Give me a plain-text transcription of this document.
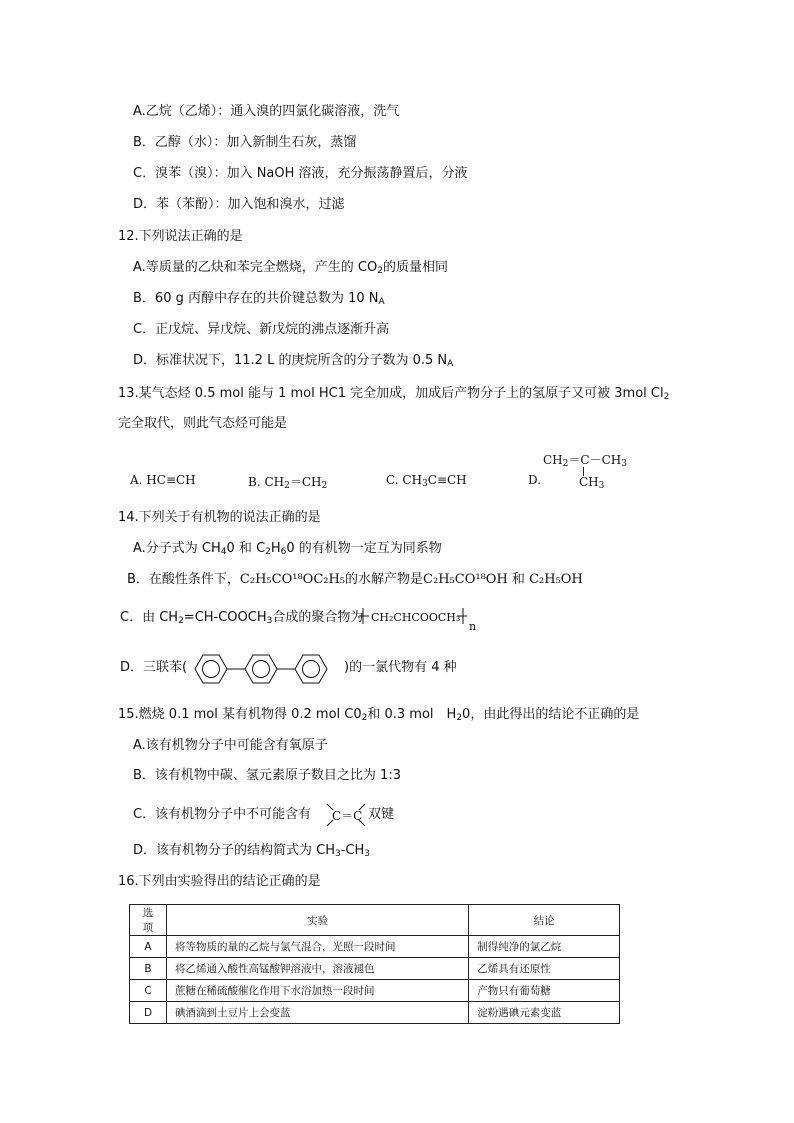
A.乙烷（乙烯）：通入溴的四氯化碳溶液，洗气
B．乙醇（水）：加入新制生石灰，蒸馏
C．溴苯（溴）：加入 NaOH 溶液，充分振荡静置后，分液
D．苯（苯酚）：加入饱和溴水，过滤
12.下列说法正确的是
A.等质量的乙炔和苯完全燃烧，产生的 $CO_2$的质量相同
B．60 g 丙醇中存在的共价键总数为 10 $N_A$
C．正戊烷、异戊烷、新戊烷的沸点逐渐升高
D．标准状况下，11.2 L 的庚烷所含的分子数为 0.5 $N_A$
13.某气态烃 0.5 mol 能与 1 mol HC1 完全加成，加成后产物分子上的氢原子又可被 3mol $Cl_2$
完全取代，则此气态烃可能是
A. HC≡CH	B. $CH_2=CH_2$	C. $CH_3C\equiv CH$	D.
$CH_2=C-CH_3$
$CH_3$
14.下列关于有机物的说法正确的是
A.分子式为 $CH_40$ 和 $C_2H_60$ 的有机物一定互为同系物
B．在酸性条件下，C₂H₅CO¹⁸OC₂H₅的水解产物是C₂H₅CO¹⁸OH 和 C₂H₅OH
C．由 $CH_2=CH-COOCH_3$合成的聚合物为 CH₂CHCOOCH₃
n
D．三联苯(	)的一氯代物有 4 种
15.燃烧 0.1 mol 某有机物得 0.2 mol $C0_2$和 0.3 mol　$H_20$，由此得出的结论不正确的是
A.该有机物分子中可能含有氧原子
B．该有机物中碳、氢元素原子数目之比为 1:3
C．该有机物分子中不可能含有 C＝C 双键
D．该有机物分子的结构简式为 $CH_3-CH_3$
16.下列由实验得出的结论正确的是
选项	实验	结论
A	将等物质的量的乙烷与氯气混合，光照一段时间	制得纯净的氯乙烷
B	将乙烯通入酸性高锰酸钾溶液中，溶液褪色	乙烯具有还原性
C	蔗糖在稀硫酸催化作用下水浴加热一段时间	产物只有葡萄糖
D	碘酒滴到土豆片上会变蓝	淀粉遇碘元素变蓝
